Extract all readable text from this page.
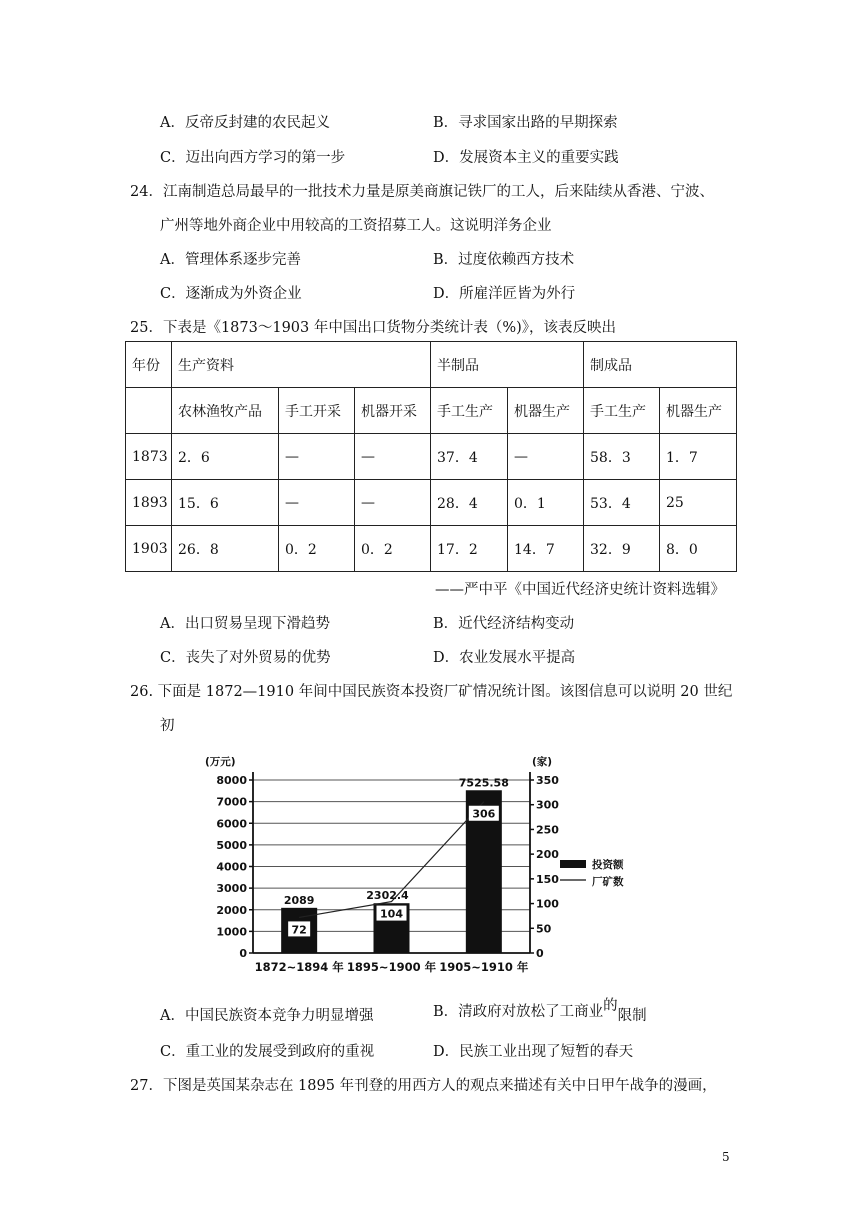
A．反帝反封建的农民起义	B．寻求国家出路的早期探索
C．迈出向西方学习的第一步	D．发展资本主义的重要实践
24．江南制造总局最早的一批技术力量是原美商旗记铁厂的工人，后来陆续从香港、宁波、
广州等地外商企业中用较高的工资招募工人。这说明洋务企业
A．管理体系逐步完善	B．过度依赖西方技术
C．逐渐成为外资企业	D．所雇洋匠皆为外行
25．下表是《1873～1903 年中国出口货物分类统计表（%)》，该表反映出
年份	生产资料			半制品		制成品	
	农林渔牧产品	手工开采	机器开采	手工生产	机器生产	手工生产	机器生产
1873	2．6	—	—	37．4	—	58．3	1．7
1893	15．6	—	—	28．4	0．1	53．4	25
1903	26．8	0．2	0．2	17．2	14．7	32．9	8．0
——严中平《中国近代经济史统计资料选辑》
A．出口贸易呈现下滑趋势	B．近代经济结构变动
C．丧失了对外贸易的优势	D．农业发展水平提高
26. 下面是 1872—1910 年间中国民族资本投资厂矿情况统计图。该图信息可以说明 20 世纪
初
0
1000
2000
3000
4000
5000
6000
7000
8000
0
50
100
150
200
250
300
350
(万元)	(家)
2089
1872~1894 年
2302.4
1895~1900 年
7525.58
1905~1910 年
72
104
306
投资额
厂矿数
A．中国民族资本竞争力明显增强	B．清政府对放松了工商业的限制
C．重工业的发展受到政府的重视	D．民族工业出现了短暂的春天
27．下图是英国某杂志在 1895 年刊登的用西方人的观点来描述有关中日甲午战争的漫画，
5
